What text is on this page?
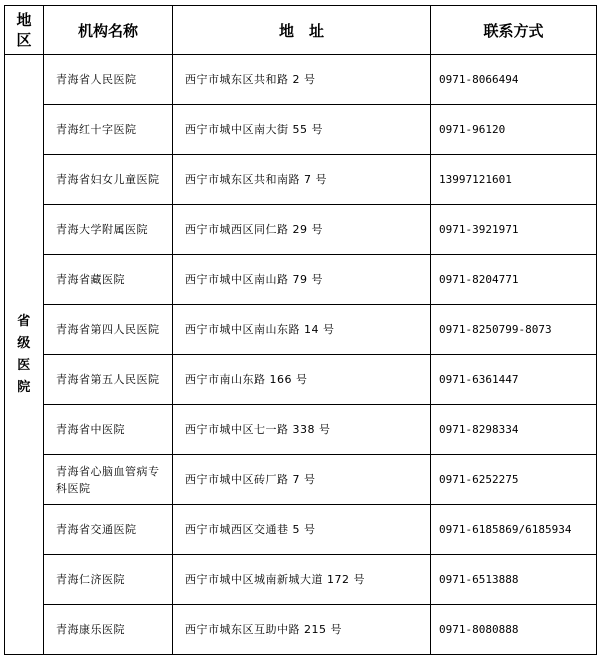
地
区	机构名称	地　址	联系方式
省级医院	青海省人民医院	西宁市城东区共和路 2 号	0971-8066494
	青海红十字医院	西宁市城中区南大街 55 号	0971-96120
	青海省妇女儿童医院	西宁市城东区共和南路 7 号	13997121601
	青海大学附属医院	西宁市城西区同仁路 29 号	0971-3921971
	青海省藏医院	西宁市城中区南山路 79 号	0971-8204771
	青海省第四人民医院	西宁市城中区南山东路 14 号	0971-8250799-8073
	青海省第五人民医院	西宁市南山东路 166 号	0971-6361447
	青海省中医院	西宁市城中区七一路 338 号	0971-8298334
	青海省心脑血管病专科医院	西宁市城中区砖厂路 7 号	0971-6252275
	青海省交通医院	西宁市城西区交通巷 5 号	0971-6185869/6185934
	青海仁济医院	西宁市城中区城南新城大道 172 号	0971-6513888
	青海康乐医院	西宁市城东区互助中路 215 号	0971-8080888
